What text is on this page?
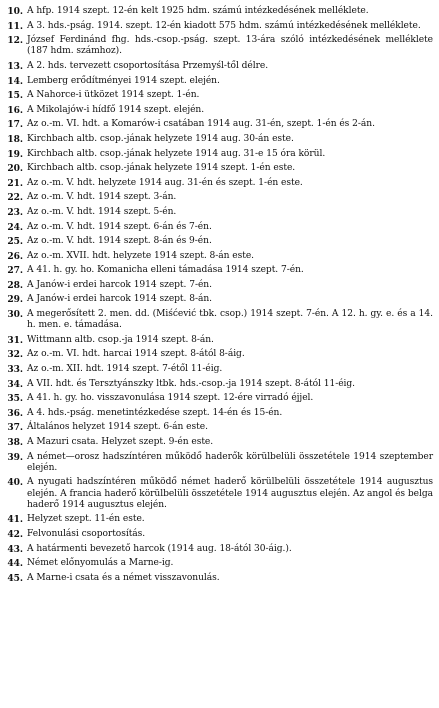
10. A hfp. 1914 szept. 12-én kelt 1925 hdm. számú intézkedésének melléklete.
11. A 3. hds.-pság. 1914. szept. 12-én kiadott 575 hdm. számú intézkedésének melléklete.
12. József Ferdinánd fhg. hds.-csop.-pság. szept. 13-ára szóló intézkedésének melléklete (187 hdm. számhoz).
13. A 2. hds. tervezett csoportosítása Przemyśl-től délre.
14. Lemberg erődítményei 1914 szept. elején.
15. A Nahorce-i ütközet 1914 szept. 1-én.
16. A Mikolajów-i hídfő 1914 szept. elején.
17. Az o.-m. VI. hdt. a Komarów-i csatában 1914 aug. 31-én, szept. 1-én és 2-án.
18. Kirchbach altb. csop.-jának helyzete 1914 aug. 30-án este.
19. Kirchbach altb. csop.-jának helyzete 1914 aug. 31-e 15 óra körül.
20. Kirchbach altb. csop.-jának helyzete 1914 szept. 1-én este.
21. Az o.-m. V. hdt. helyzete 1914 aug. 31-én és szept. 1-én este.
22. Az o.-m. V. hdt. 1914 szept. 3-án.
23. Az o.-m. V. hdt. 1914 szept. 5-én.
24. Az o.-m. V. hdt. 1914 szept. 6-án és 7-én.
25. Az o.-m. V. hdt. 1914 szept. 8-án és 9-én.
26. Az o.-m. XVII. hdt. helyzete 1914 szept. 8-án este.
27. A 41. h. gy. ho. Komanicha elleni támadása 1914 szept. 7-én.
28. A Janów-i erdei harcok 1914 szept. 7-én.
29. A Janów-i erdei harcok 1914 szept. 8-án.
30. A megerősített 2. men. dd. (Miśćević tbk. csop.) 1914 szept. 7-én. A 12. h. gy. e. és a 14. h. men. e. támadása.
31. Wittmann altb. csop.-ja 1914 szept. 8-án.
32. Az o.-m. VI. hdt. harcai 1914 szept. 8-ától 8-áig.
33. Az o.-m. XII. hdt. 1914 szept. 7-étől 11-éig.
34. A VII. hdt. és Tersztyánszky ltbk. hds.-csop.-ja 1914 szept. 8-ától 11-éig.
35. A 41. h. gy. ho. visszavonulása 1914 szept. 12-ére virradó éjjel.
36. A 4. hds.-pság. menetintézkedése szept. 14-én és 15-én.
37. Általános helyzet 1914 szept. 6-án este.
38. A Mazuri csata. Helyzet szept. 9-én este.
39. A német—orosz hadszíntéren működő haderők körülbelüli összetétele 1914 szeptember elején.
40. A nyugati hadszíntéren működő német haderő körülbelüli összetétele 1914 augusztus elején. A francia haderő körülbelüli összetétele 1914 augusztus elején. Az angol és belga haderő 1914 augusztus elején.
41. Helyzet szept. 11-én este.
42. Felvonulási csoportosítás.
43. A határmenti bevezető harcok (1914 aug. 18-ától 30-áig.).
44. Német előnyomulás a Marne-ig.
45. A Marne-i csata és a német visszavonulás.
